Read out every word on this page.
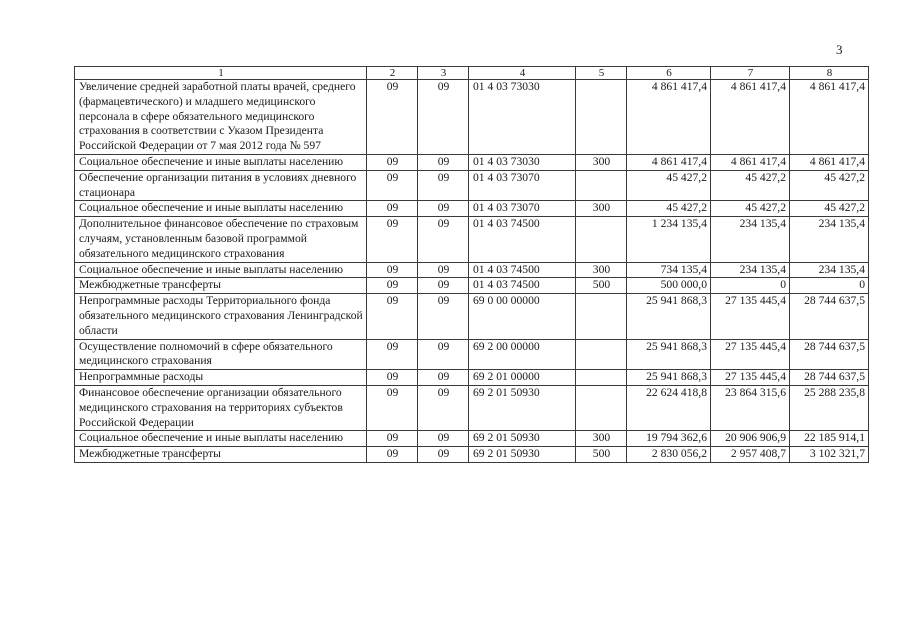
3
1	2	3	4	5	6	7	8
Увеличение средней заработной платы врачей, среднего (фармацевтического) и младшего медицинского персонала в сфере обязательного медицинского страхования в соответствии с Указом Президента Российской Федерации от 7 мая 2012 года № 597	09	09	01 4 03 73030		4 861 417,4	4 861 417,4	4 861 417,4
Социальное обеспечение и иные выплаты населению	09	09	01 4 03 73030	300	4 861 417,4	4 861 417,4	4 861 417,4
Обеспечение организации питания в условиях дневного стационара	09	09	01 4 03 73070		45 427,2	45 427,2	45 427,2
Социальное обеспечение и иные выплаты населению	09	09	01 4 03 73070	300	45 427,2	45 427,2	45 427,2
Дополнительное финансовое обеспечение по страховым случаям, установленным базовой программой обязательного медицинского страхования	09	09	01 4 03 74500		1 234 135,4	234 135,4	234 135,4
Социальное обеспечение и иные выплаты населению	09	09	01 4 03 74500	300	734 135,4	234 135,4	234 135,4
Межбюджетные трансферты	09	09	01 4 03 74500	500	500 000,0	0	0
Непрограммные расходы Территориального фонда обязательного медицинского страхования Ленинградской области	09	09	69 0 00 00000		25 941 868,3	27 135 445,4	28 744 637,5
Осуществление полномочий в сфере обязательного медицинского страхования	09	09	69 2 00 00000		25 941 868,3	27 135 445,4	28 744 637,5
Непрограммные расходы	09	09	69 2 01 00000		25 941 868,3	27 135 445,4	28 744 637,5
Финансовое обеспечение организации обязательного медицинского страхования на территориях субъектов Российской Федерации	09	09	69 2 01 50930		22 624 418,8	23 864 315,6	25 288 235,8
Социальное обеспечение и иные выплаты населению	09	09	69 2 01 50930	300	19 794 362,6	20 906 906,9	22 185 914,1
Межбюджетные трансферты	09	09	69 2 01 50930	500	2 830 056,2	2 957 408,7	3 102 321,7
